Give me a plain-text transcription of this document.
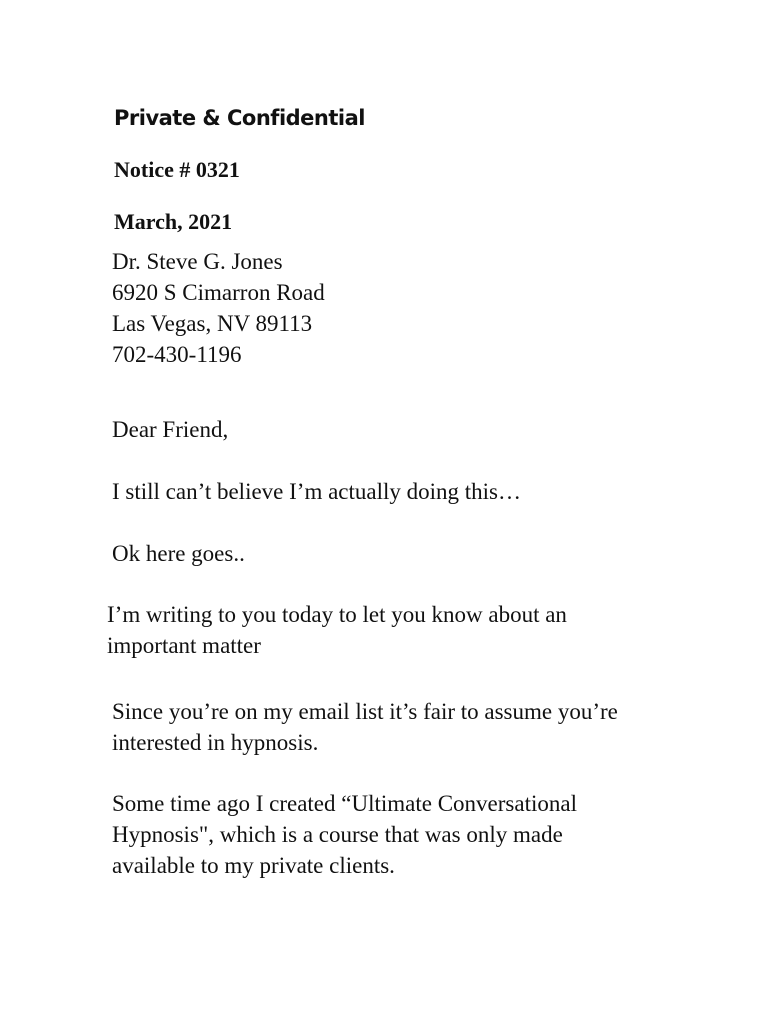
Private & Confidential

Notice # 0321

March, 2021

Dr. Steve G. Jones
6920 S Cimarron Road
Las Vegas, NV 89113
702-430-1196

Dear Friend,

I still can’t believe I’m actually doing this…

Ok here goes..

I’m writing to you today to let you know about an
important matter
Since you’re on my email list it’s fair to assume you’re
interested in hypnosis.
Some time ago I created “Ultimate Conversational
Hypnosis", which is a course that was only made
available to my private clients.
